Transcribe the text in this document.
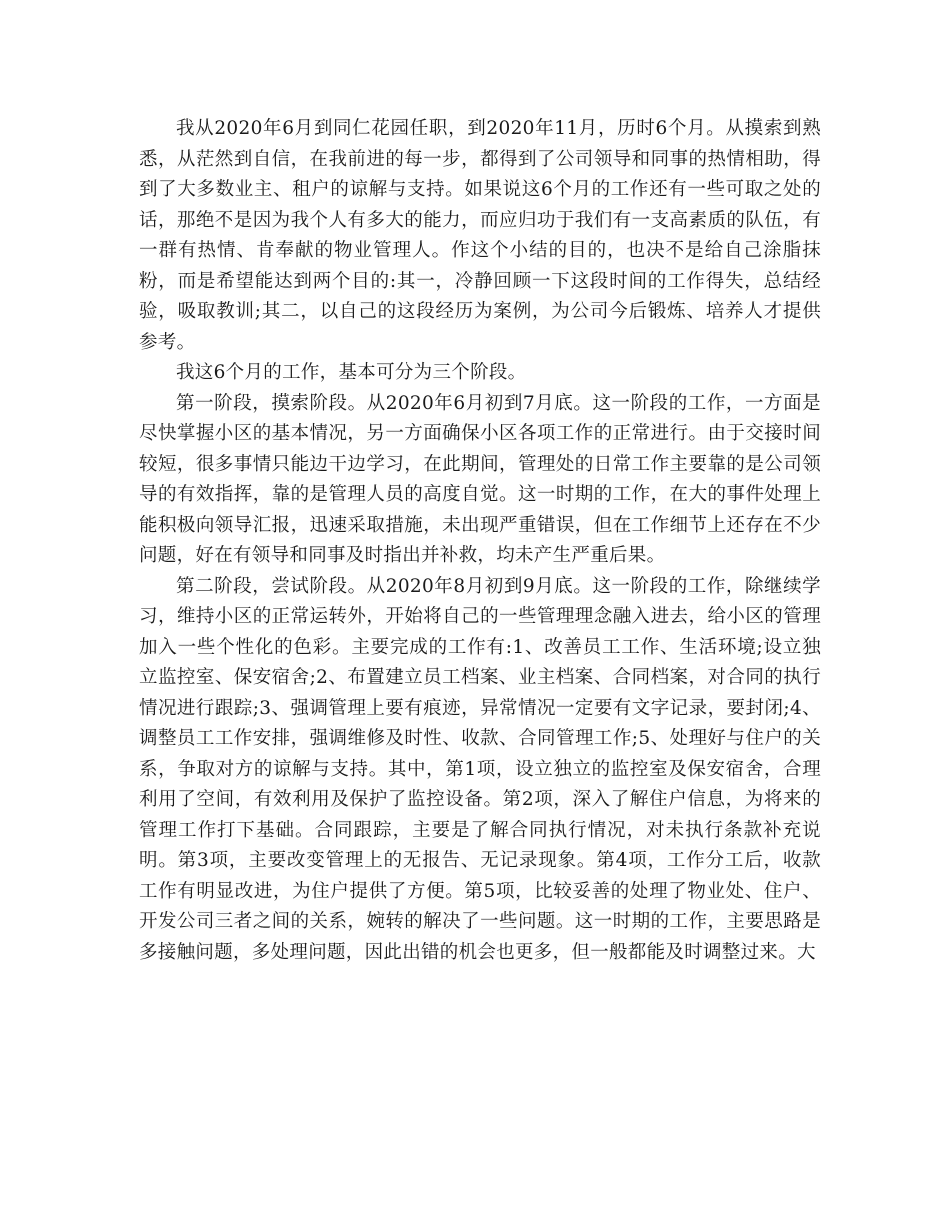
我从2020年6月到同仁花园任职，到2020年11月，历时6个月。从摸索到熟悉，从茫然到自信，在我前进的每一步，都得到了公司领导和同事的热情相助，得到了大多数业主、租户的谅解与支持。如果说这6个月的工作还有一些可取之处的话，那绝不是因为我个人有多大的能力，而应归功于我们有一支高素质的队伍，有一群有热情、肯奉献的物业管理人。作这个小结的目的，也决不是给自己涂脂抹粉，而是希望能达到两个目的:其一，冷静回顾一下这段时间的工作得失，总结经验，吸取教训;其二，以自己的这段经历为案例，为公司今后锻炼、培养人才提供参考。

我这6个月的工作，基本可分为三个阶段。

第一阶段，摸索阶段。从2020年6月初到7月底。这一阶段的工作，一方面是尽快掌握小区的基本情况，另一方面确保小区各项工作的正常进行。由于交接时间较短，很多事情只能边干边学习，在此期间，管理处的日常工作主要靠的是公司领导的有效指挥，靠的是管理人员的高度自觉。这一时期的工作，在大的事件处理上能积极向领导汇报，迅速采取措施，未出现严重错误，但在工作细节上还存在不少问题，好在有领导和同事及时指出并补救，均未产生严重后果。

第二阶段，尝试阶段。从2020年8月初到9月底。这一阶段的工作，除继续学习，维持小区的正常运转外，开始将自己的一些管理理念融入进去，给小区的管理加入一些个性化的色彩。主要完成的工作有:1、改善员工工作、生活环境;设立独立监控室、保安宿舍;2、布置建立员工档案、业主档案、合同档案，对合同的执行情况进行跟踪;3、强调管理上要有痕迹，异常情况一定要有文字记录，要封闭;4、调整员工工作安排，强调维修及时性、收款、合同管理工作;5、处理好与住户的关系，争取对方的谅解与支持。其中，第1项，设立独立的监控室及保安宿舍，合理利用了空间，有效利用及保护了监控设备。第2项，深入了解住户信息，为将来的管理工作打下基础。合同跟踪，主要是了解合同执行情况，对未执行条款补充说明。第3项，主要改变管理上的无报告、无记录现象。第4项，工作分工后，收款工作有明显改进，为住户提供了方便。第5项，比较妥善的处理了物业处、住户、开发公司三者之间的关系，婉转的解决了一些问题。这一时期的工作，主要思路是多接触问题，多处理问题，因此出错的机会也更多，但一般都能及时调整过来。大
